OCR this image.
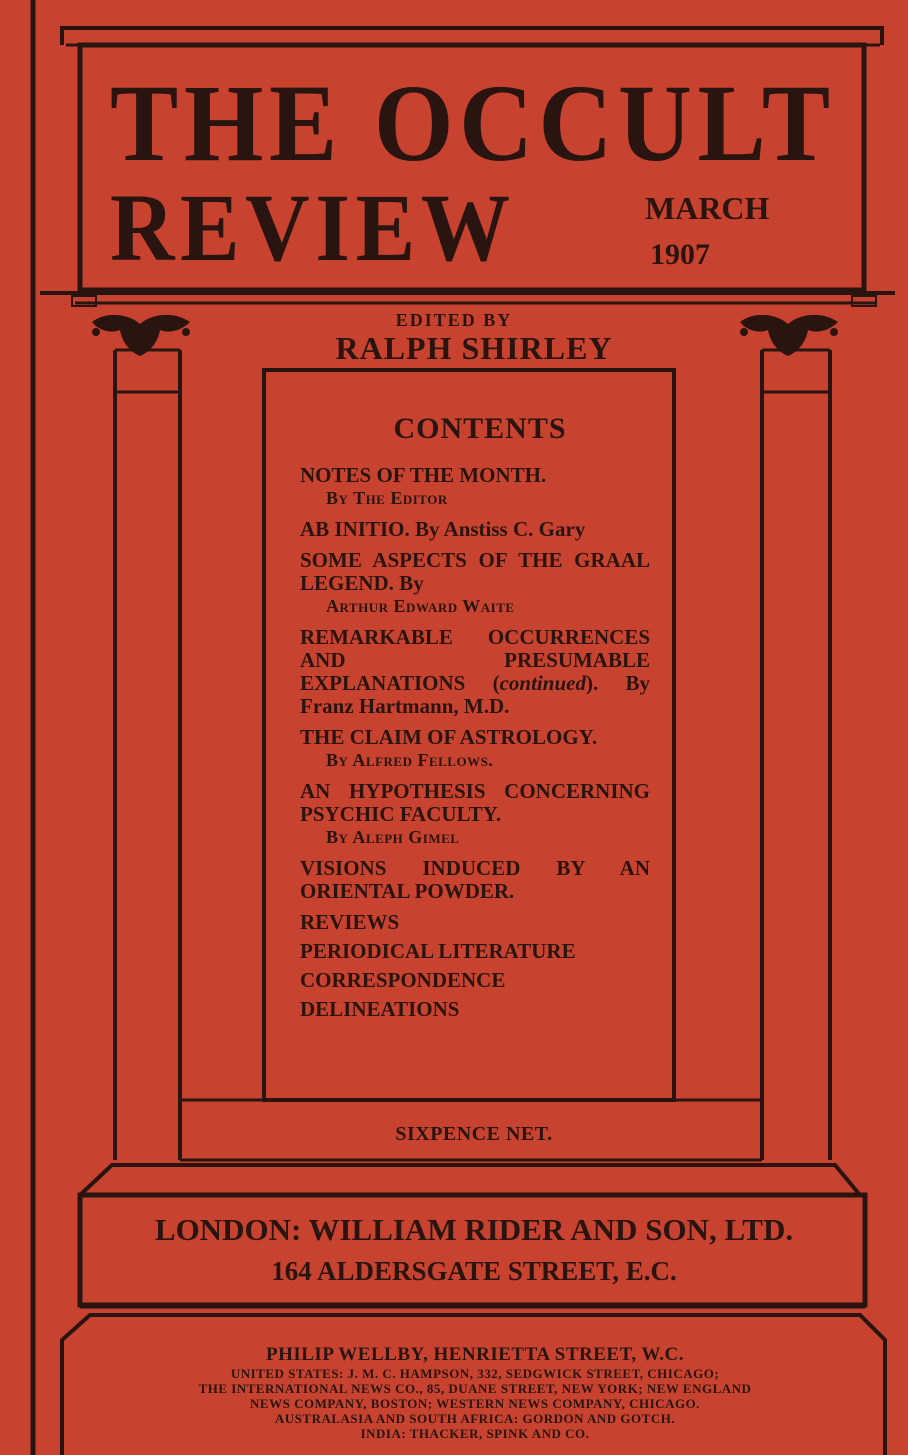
THE OCCULT
REVIEW	MARCH
1907
EDITED BY
RALPH SHIRLEY
CONTENTS
NOTES OF THE MONTH.
By The Editor
AB INITIO. By Anstiss C. Gary
SOME ASPECTS OF THE GRAAL LEGEND. By
Arthur Edward Waite
REMARKABLE OCCURRENCES AND PRESUMABLE EXPLANATIONS (continued). By Franz Hartmann, M.D.
THE CLAIM OF ASTROLOGY.
By Alfred Fellows.
AN HYPOTHESIS CONCERNING PSYCHIC FACULTY.
By Aleph Gimel
VISIONS INDUCED BY AN ORIENTAL POWDER.
REVIEWS
PERIODICAL LITERATURE
CORRESPONDENCE
DELINEATIONS
SIXPENCE NET.
LONDON: WILLIAM RIDER AND SON, LTD.
164 ALDERSGATE STREET, E.C.

PHILIP WELLBY, HENRIETTA STREET, W.C.

UNITED STATES: J. M. C. HAMPSON, 332, SEDGWICK STREET, CHICAGO;

THE INTERNATIONAL NEWS CO., 85, DUANE STREET, NEW YORK; NEW ENGLAND

NEWS COMPANY, BOSTON; WESTERN NEWS COMPANY, CHICAGO.

AUSTRALASIA AND SOUTH AFRICA: GORDON AND GOTCH.

INDIA: THACKER, SPINK AND CO.
